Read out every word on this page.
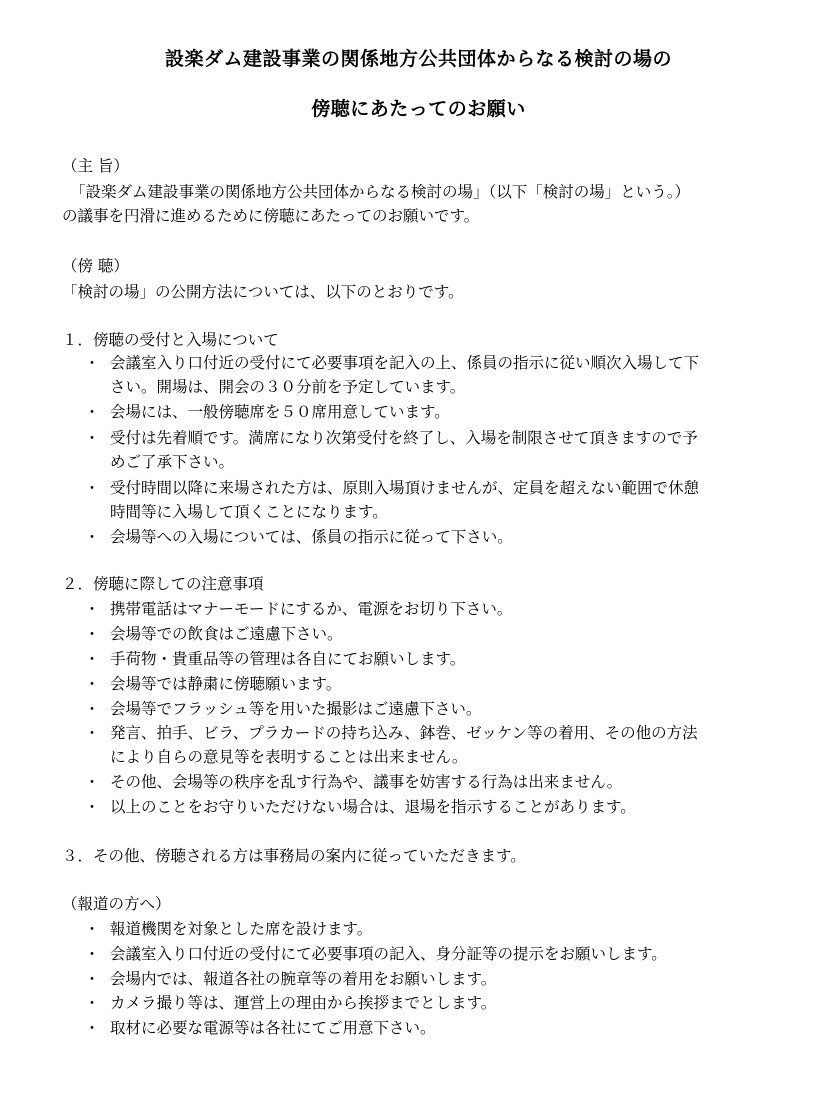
設楽ダム建設事業の関係地方公共団体からなる検討の場の
傍聴にあたってのお願い
（主 旨）
「設楽ダム建設事業の関係地方公共団体からなる検討の場」（以下「検討の場」という。）
の議事を円滑に進めるために傍聴にあたってのお願いです。
（傍 聴）
「検討の場」の公開方法については、以下のとおりです。
１．傍聴の受付と入場について
・ 会議室入り口付近の受付にて必要事項を記入の上、係員の指示に従い順次入場して下
さい。開場は、開会の３０分前を予定しています。
・ 会場には、一般傍聴席を５０席用意しています。
・ 受付は先着順です。満席になり次第受付を終了し、入場を制限させて頂きますので予
めご了承下さい。
・ 受付時間以降に来場された方は、原則入場頂けませんが、定員を超えない範囲で休憩
時間等に入場して頂くことになります。
・ 会場等への入場については、係員の指示に従って下さい。
２．傍聴に際しての注意事項
・ 携帯電話はマナーモードにするか、電源をお切り下さい。
・ 会場等での飲食はご遠慮下さい。
・ 手荷物・貴重品等の管理は各自にてお願いします。
・ 会場等では静粛に傍聴願います。
・ 会場等でフラッシュ等を用いた撮影はご遠慮下さい。
・ 発言、拍手、ビラ、プラカードの持ち込み、鉢巻、ゼッケン等の着用、その他の方法
により自らの意見等を表明することは出来ません。
・ その他、会場等の秩序を乱す行為や、議事を妨害する行為は出来ません。
・ 以上のことをお守りいただけない場合は、退場を指示することがあります。
３．その他、傍聴される方は事務局の案内に従っていただきます。
（報道の方へ）
・ 報道機関を対象とした席を設けます。
・ 会議室入り口付近の受付にて必要事項の記入、身分証等の提示をお願いします。
・ 会場内では、報道各社の腕章等の着用をお願いします。
・ カメラ撮り等は、運営上の理由から挨拶までとします。
・ 取材に必要な電源等は各社にてご用意下さい。
